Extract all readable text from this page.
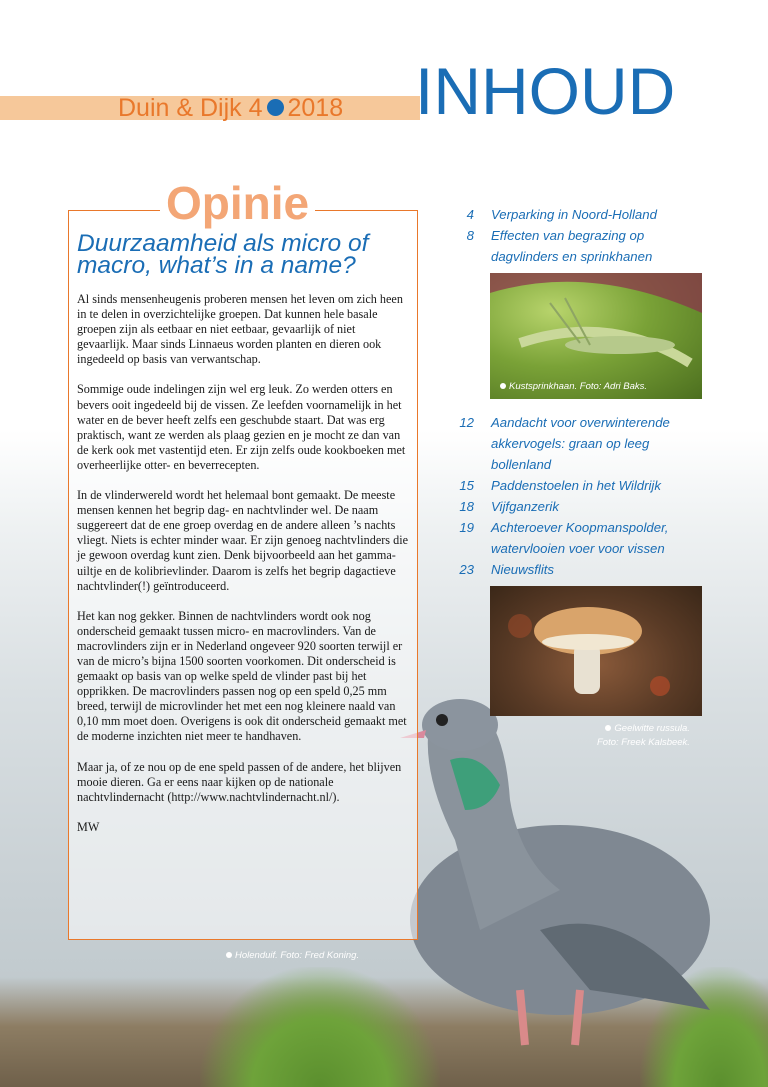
Duin & Dijk 4 2018 INHOUD
Opinie
Duurzaamheid als micro of macro, what’s in a name?

Al sinds mensenheugenis proberen mensen het leven om zich heen in te delen in overzichtelijke groepen. Dat kunnen hele basale groepen zijn als eetbaar en niet eetbaar, gevaarlijk of niet gevaarlijk. Maar sinds Linnaeus worden planten en dieren ook ingedeeld op basis van verwantschap.

Sommige oude indelingen zijn wel erg leuk. Zo werden otters en bevers ooit ingedeeld bij de vissen. Ze leefden voornamelijk in het water en de bever heeft zelfs een geschubde staart. Dat was erg praktisch, want ze werden als plaag gezien en je mocht ze dan van de kerk ook met vastentijd eten. Er zijn zelfs oude kookboeken met overheerlijke otter- en beverrecepten.

In de vlinderwereld wordt het helemaal bont gemaakt. De meeste mensen kennen het begrip dag- en nachtvlinder wel. De naam suggereert dat de ene groep overdag en de andere alleen ’s nachts vliegt. Niets is echter minder waar. Er zijn genoeg nachtvlinders die je gewoon overdag kunt zien. Denk bijvoorbeeld aan het gamma-uiltje en de kolibrievlinder. Daarom is zelfs het begrip dagactieve nachtvlinder(!) geïntroduceerd.

Het kan nog gekker. Binnen de nachtvlinders wordt ook nog onderscheid gemaakt tussen micro- en macrovlinders. Van de macrovlinders zijn er in Nederland ongeveer 920 soorten terwijl er van de micro’s bijna 1500 soorten voorkomen. Dit onderscheid is gemaakt op basis van op welke speld de vlinder past bij het opprikken. De macrovlinders passen nog op een speld 0,25 mm breed, terwijl de microvlinder het met een nog kleinere naald van 0,10 mm moet doen. Overigens is ook dit onderscheid gemaakt met de moderne inzichten niet meer te handhaven.

Maar ja, of ze nou op de ene speld passen of de andere, het blijven mooie dieren. Ga er eens naar kijken op de nationale nachtvlindernacht (http://www.nachtvlindernacht.nl/).

MW

4	Verparking in Noord-Holland
8	Effecten van begrazing op dagvlinders en sprinkhanen
Kustsprinkhaan. Foto: Adri Baks.
12	Aandacht voor overwinterende akkervogels: graan op leeg bollenland
15	Paddenstoelen in het Wildrijk
18	Vijfganzerik
19	Achteroever Koopmanspolder, watervlooien voer voor vissen
23	Nieuwsflits
Geelwitte russula.
Foto: Freek Kalsbeek.
Holenduif. Foto: Fred Koning.
